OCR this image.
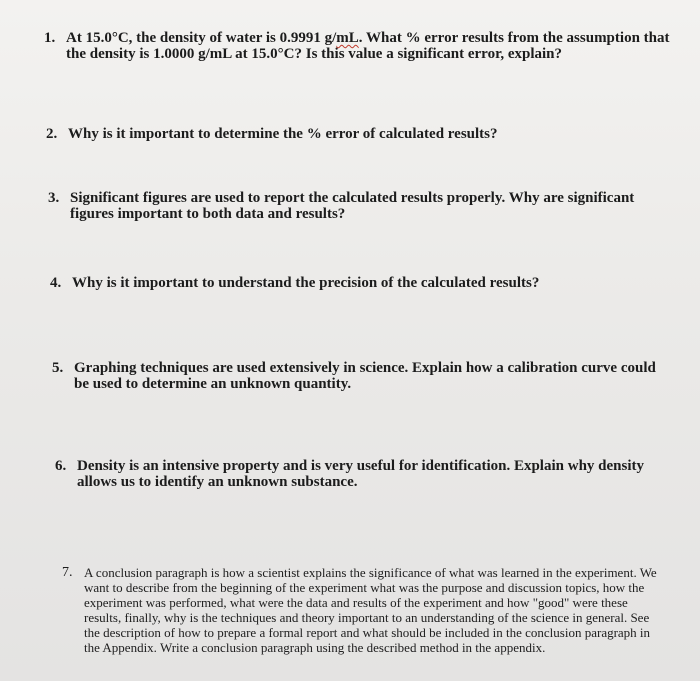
1. At 15.0°C, the density of water is 0.9991 g/mL. What % error results from the assumption that the density is 1.0000 g/mL at 15.0°C? Is this value a significant error, explain?
2. Why is it important to determine the % error of calculated results?
3. Significant figures are used to report the calculated results properly. Why are significant figures important to both data and results?
4. Why is it important to understand the precision of the calculated results?
5. Graphing techniques are used extensively in science. Explain how a calibration curve could be used to determine an unknown quantity.
6. Density is an intensive property and is very useful for identification. Explain why density allows us to identify an unknown substance.
7. A conclusion paragraph is how a scientist explains the significance of what was learned in the experiment. We want to describe from the beginning of the experiment what was the purpose and discussion topics, how the experiment was performed, what were the data and results of the experiment and how "good" were these results, finally, why is the techniques and theory important to an understanding of the science in general. See the description of how to prepare a formal report and what should be included in the conclusion paragraph in the Appendix. Write a conclusion paragraph using the described method in the appendix.
